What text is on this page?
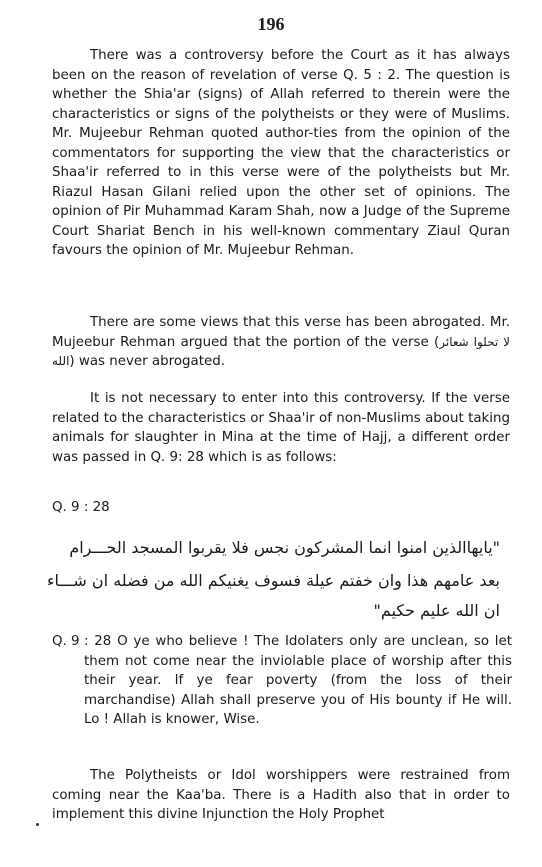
196

There was a controversy before the Court as it has always been on the reason of revelation of verse Q. 5 : 2. The question is whether the Shia'ar (signs) of Allah referred to therein were the characteristics or signs of the polytheists or they were of Muslims. Mr. Mujeebur Rehman quoted author-ties from the opinion of the commentators for supporting the view that the characteristics or Shaa'ir referred to in this verse were of the polytheists but Mr. Riazul Hasan Gilani relied upon the other set of opinions. The opinion of Pir Muhammad Karam Shah, now a Judge of the Supreme Court Shariat Bench in his well-known commentary Ziaul Quran favours the opinion of Mr. Mujeebur Rehman.

There are some views that this verse has been abrogated. Mr. Mujeebur Rehman argued that the portion of the verse (لا تحلوا شعائر الله) was never abrogated.

It is not necessary to enter into this controversy. If the verse related to the characteristics or Shaa'ir of non-Muslims about taking animals for slaughter in Mina at the time of Hajj, a different order was passed in Q. 9: 28 which is as follows:

Q. 9 : 28
"يايهاالذين امنوا انما المشركون نجس فلا يقربوا المسجد الحـــرام
بعد عامهم هذا وان خفتم عيلة فسوف يغنيكم الله من فضله ان شـــاء
ان الله عليم حكيم"
Q. 9 : 28 O ye who believe ! The Idolaters only are unclean, so let them not come near the inviolable place of worship after this their year. If ye fear poverty (from the loss of their marchandise) Allah shall preserve you of His bounty if He will. Lo ! Allah is knower, Wise.

The Polytheists or Idol worshippers were restrained from coming near the Kaa'ba. There is a Hadith also that in order to implement this divine Injunction the Holy Prophet
